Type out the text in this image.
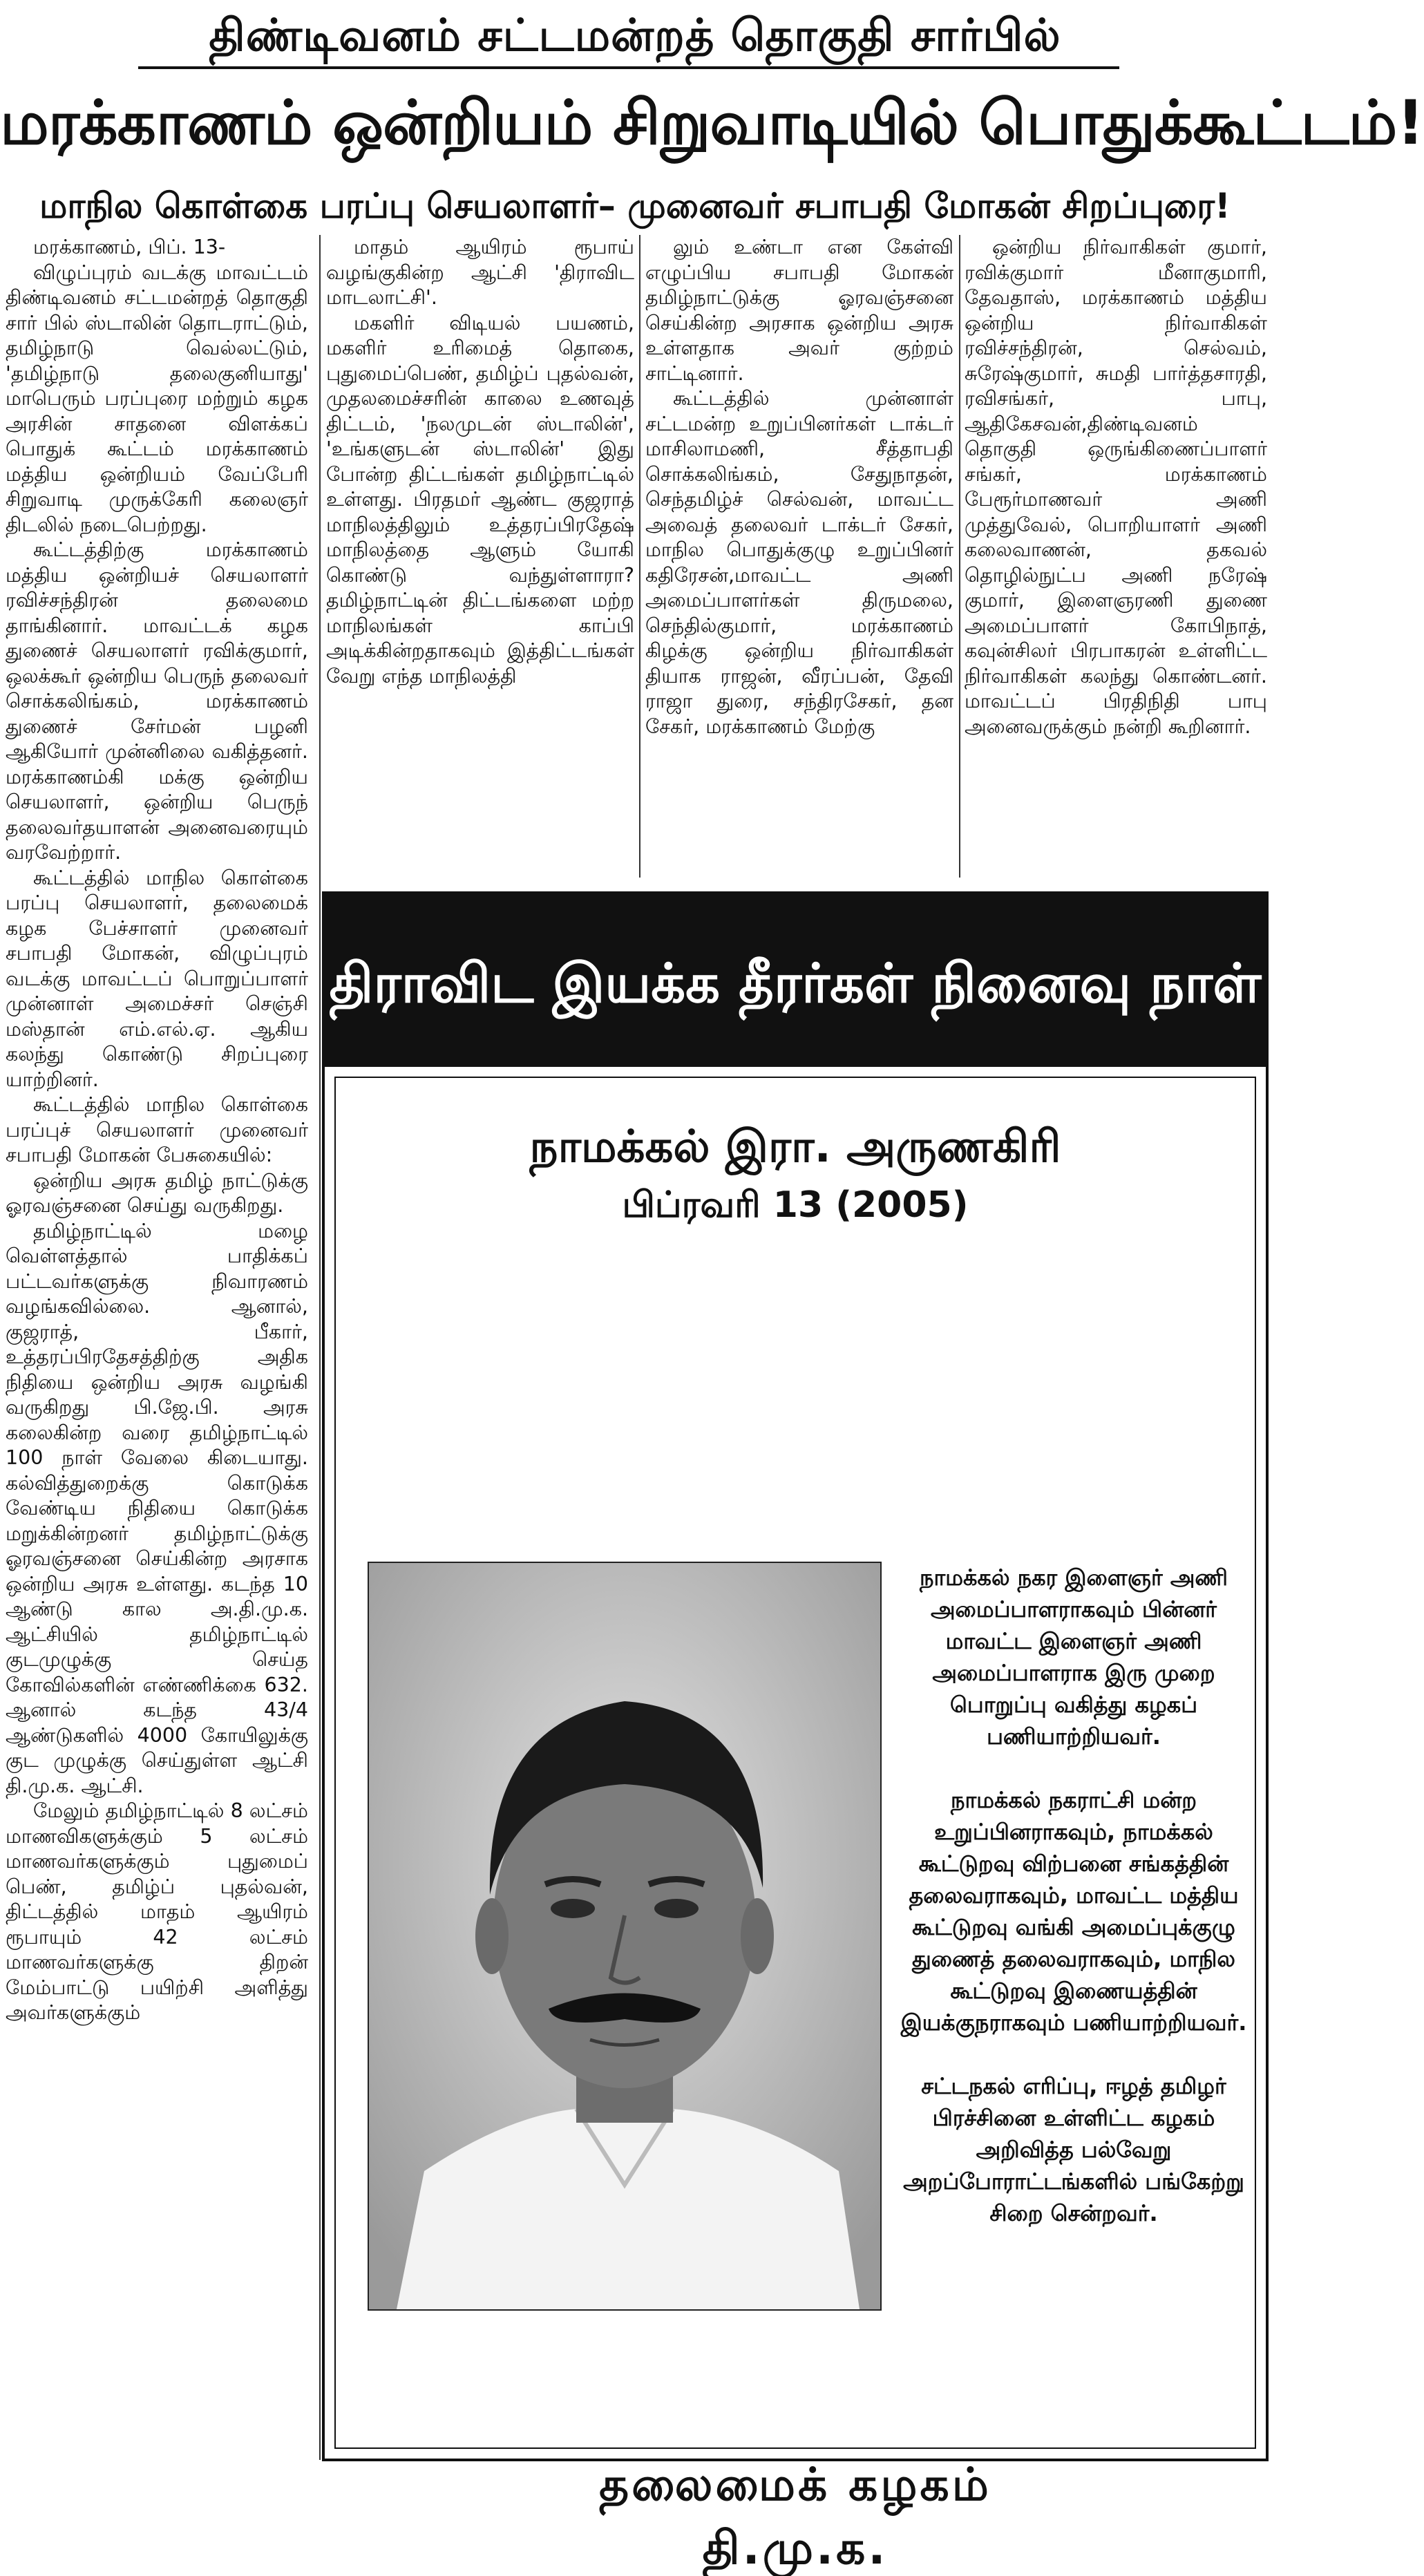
திண்டிவனம் சட்டமன்றத் தொகுதி சார்பில்
மரக்காணம் ஒன்றியம் சிறுவாடியில் பொதுக்கூட்டம்!
மாநில கொள்கை பரப்பு செயலாளர்– முனைவர் சபாபதி மோகன் சிறப்புரை!

மரக்காணம், பிப். 13-

விழுப்புரம் வடக்கு மாவட்டம் திண்டிவனம் சட்டமன்றத் தொகுதி சார் பில் ஸ்டாலின் தொடராட்டும், தமிழ்நாடு வெல்லட்டும், 'தமிழ்நாடு தலைகுனியாது' மாபெரும் பரப்புரை மற்றும் கழக அரசின் சாதனை விளக்கப் பொதுக் கூட்டம் மரக்காணம் மத்திய ஒன்றியம் வேப்பேரி சிறுவாடி முருக்கேரி கலைஞர் திடலில் நடைபெற்றது.

கூட்டத்திற்கு மரக்காணம் மத்திய ஒன்றியச் செயலாளர் ரவிச்சந்திரன் தலைமை தாங்கினார். மாவட்டக் கழக துணைச் செயலாளர் ரவிக்குமார், ஒலக்கூர் ஒன்றிய பெருந் தலைவர் சொக்கலிங்கம், மரக்காணம் துணைச் சேர்மன் பழனி ஆகியோர் முன்னிலை வகித்தனர். மரக்காணம்கி மக்கு ஒன்றிய செயலாளர், ஒன்றிய பெருந் தலைவர்தயாளன் அனைவரையும் வரவேற்றார்.

கூட்டத்தில் மாநில கொள்கை பரப்பு செயலாளர், தலைமைக் கழக பேச்சாளர் முனைவர் சபாபதி மோகன், விழுப்புரம் வடக்கு மாவட்டப் பொறுப்பாளர் முன்னாள் அமைச்சர் செஞ்சி மஸ்தான் எம்.எல்.ஏ. ஆகிய கலந்து கொண்டு சிறப்புரை யாற்றினர்.

கூட்டத்தில் மாநில கொள்கை பரப்புச் செயலாளர் முனைவர் சபாபதி மோகன் பேசுகையில்:

ஒன்றிய அரசு தமிழ் நாட்டுக்கு ஓரவஞ்சனை செய்து வருகிறது.

தமிழ்நாட்டில் மழை வெள்ளத்தால் பாதிக்கப் பட்டவர்களுக்கு நிவாரணம் வழங்கவில்லை. ஆனால், குஜராத், பீகார், உத்தரப்பிரதேசத்திற்கு அதிக நிதியை ஒன்றிய அரசு வழங்கி வருகிறது பி.ஜே.பி. அரசு கலைகின்ற வரை தமிழ்நாட்டில் 100 நாள் வேலை கிடையாது. கல்வித்துறைக்கு கொடுக்க வேண்டிய நிதியை கொடுக்க மறுக்கின்றனர் தமிழ்நாட்டுக்கு ஓரவஞ்சனை செய்கின்ற அரசாக ஒன்றிய அரசு உள்ளது. கடந்த 10 ஆண்டு கால அ.தி.மு.க. ஆட்சியில் தமிழ்நாட்டில் குடமுழுக்கு செய்த கோவில்களின் எண்ணிக்கை 632. ஆனால் கடந்த 43/4 ஆண்டுகளில் 4000 கோயிலுக்கு குட முழுக்கு செய்துள்ள ஆட்சி தி.மு.க. ஆட்சி.

மேலும் தமிழ்நாட்டில் 8 லட்சம் மாணவிகளுக்கும் 5 லட்சம் மாணவர்களுக்கும் புதுமைப் பெண், தமிழ்ப் புதல்வன், திட்டத்தில் மாதம் ஆயிரம் ரூபாயும் 42 லட்சம் மாணவர்களுக்கு திறன் மேம்பாட்டு பயிற்சி அளித்து அவர்களுக்கும்

மாதம் ஆயிரம் ரூபாய் வழங்குகின்ற ஆட்சி 'திராவிட மாடலாட்சி'.

மகளிர் விடியல் பயணம், மகளிர் உரிமைத் தொகை, புதுமைப்பெண், தமிழ்ப் புதல்வன், முதலமைச்சரின் காலை உணவுத் திட்டம், 'நலமுடன் ஸ்டாலின்', 'உங்களுடன் ஸ்டாலின்' இது போன்ற திட்டங்கள் தமிழ்நாட்டில் உள்ளது. பிரதமர் ஆண்ட குஜராத் மாநிலத்திலும் உத்தரப்பிரதேஷ் மாநிலத்தை ஆளும் யோகி கொண்டு வந்துள்ளாரா? தமிழ்நாட்டின் திட்டங்களை மற்ற மாநிலங்கள் காப்பி அடிக்கின்றதாகவும் இத்திட்டங்கள் வேறு எந்த மாநிலத்தி

லும் உண்டா என கேள்வி எழுப்பிய சபாபதி மோகன் தமிழ்நாட்டுக்கு ஓரவஞ்சனை செய்கின்ற அரசாக ஒன்றிய அரசு உள்ளதாக அவர் குற்றம் சாட்டினார்.

கூட்டத்தில் முன்னாள் சட்டமன்ற உறுப்பினர்கள் டாக்டர் மாசிலாமணி, சீத்தாபதி சொக்கலிங்கம், சேதுநாதன், செந்தமிழ்ச் செல்வன், மாவட்ட அவைத் தலைவர் டாக்டர் சேகர், மாநில பொதுக்குழு உறுப்பினர் கதிரேசன்,மாவட்ட அணி அமைப்பாளர்கள் திருமலை, செந்தில்குமார், மரக்காணம் கிழக்கு ஒன்றிய நிர்வாகிகள் தியாக ராஜன், வீரப்பன், தேவி ராஜா துரை, சந்திரசேகர், தன சேகர், மரக்காணம் மேற்கு

ஒன்றிய நிர்வாகிகள் குமார், ரவிக்குமார் மீனாகுமாரி, தேவதாஸ், மரக்காணம் மத்திய ஒன்றிய நிர்வாகிகள் ரவிச்சந்திரன், செல்வம், சுரேஷ்குமார், சுமதி பார்த்தசாரதி, ரவிசங்கர், பாபு, ஆதிகேசவன்,திண்டிவனம் தொகுதி ஒருங்கிணைப்பாளர் சங்கர், மரக்காணம் பேரூர்மாணவர் அணி முத்துவேல், பொறியாளர் அணி கலைவாணன், தகவல் தொழில்நுட்ப அணி நரேஷ் குமார், இளைஞரணி துணை அமைப்பாளர் கோபிநாத், கவுன்சிலர் பிரபாகரன் உள்ளிட்ட நிர்வாகிகள் கலந்து கொண்டனர். மாவட்டப் பிரதிநிதி பாபு அனைவருக்கும் நன்றி கூறினார்.

திராவிட இயக்க தீரர்கள் நினைவு நாள்
நாமக்கல் இரா. அருணகிரி
பிப்ரவரி 13 (2005)

நாமக்கல் நகர இளைஞர் அணி அமைப்பாளராகவும் பின்னர் மாவட்ட இளைஞர் அணி அமைப்பாளராக இரு முறை பொறுப்பு வகித்து கழகப் பணியாற்றியவர்.

நாமக்கல் நகராட்சி மன்ற உறுப்பினராகவும், நாமக்கல் கூட்டுறவு விற்பனை சங்கத்தின் தலைவராகவும், மாவட்ட மத்திய கூட்டுறவு வங்கி அமைப்புக்குழு துணைத் தலைவராகவும், மாநில கூட்டுறவு இணையத்தின் இயக்குநராகவும் பணியாற்றியவர்.

சட்டநகல் எரிப்பு, ஈழத் தமிழர் பிரச்சினை உள்ளிட்ட கழகம் அறிவித்த பல்வேறு அறப்போராட்டங்களில் பங்கேற்று சிறை சென்றவர்.

தலைமைக் கழகம்
தி.மு.க.
